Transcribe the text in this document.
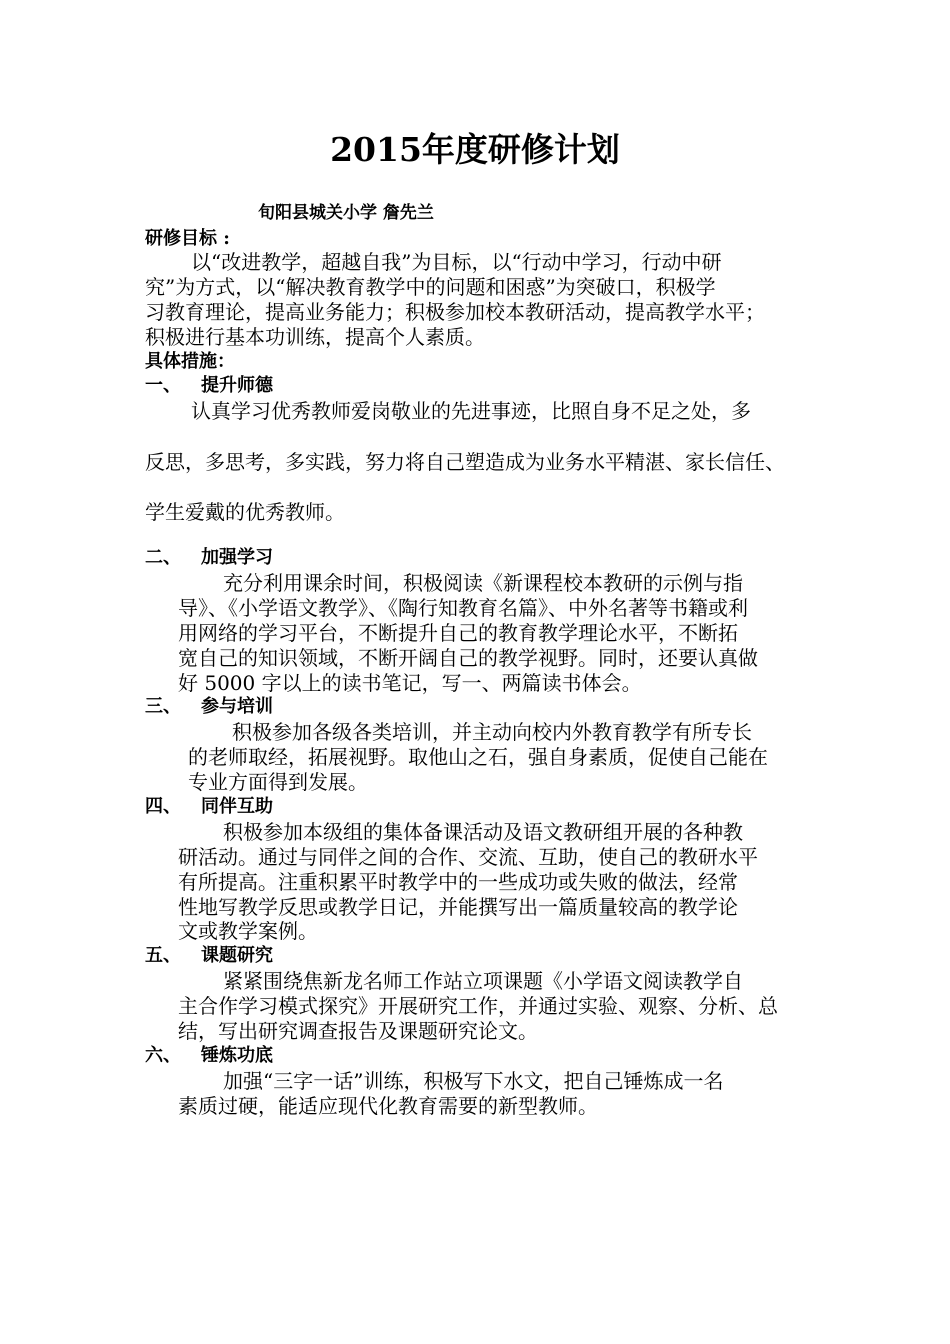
2015年度研修计划
旬阳县城关小学 詹先兰
研修目标 :
以“改进教学，超越自我”为目标，以“行动中学习，行动中研
究”为方式，以“解决教育教学中的问题和困惑”为突破口，积极学
习教育理论，提高业务能力；积极参加校本教研活动，提高教学水平；
积极进行基本功训练，提高个人素质。
具体措施：
一、 提升师德
认真学习优秀教师爱岗敬业的先进事迹，比照自身不足之处，多
反思，多思考，多实践，努力将自己塑造成为业务水平精湛、家长信任、
学生爱戴的优秀教师。
二、 加强学习
充分利用课余时间，积极阅读《新课程校本教研的示例与指
导》、《小学语文教学》、《陶行知教育名篇》、中外名著等书籍或利
用网络的学习平台，不断提升自己的教育教学理论水平，不断拓
宽自己的知识领域，不断开阔自己的教学视野。同时，还要认真做
好 5000 字以上的读书笔记，写一、两篇读书体会。
三、 参与培训
积极参加各级各类培训，并主动向校内外教育教学有所专长
的老师取经，拓展视野。取他山之石，强自身素质，促使自己能在
专业方面得到发展。
四、 同伴互助
积极参加本级组的集体备课活动及语文教研组开展的各种教
研活动。通过与同伴之间的合作、交流、互助，使自己的教研水平
有所提高。注重积累平时教学中的一些成功或失败的做法，经常
性地写教学反思或教学日记，并能撰写出一篇质量较高的教学论
文或教学案例。
五、 课题研究
紧紧围绕焦新龙名师工作站立项课题《小学语文阅读教学自
主合作学习模式探究》开展研究工作，并通过实验、观察、分析、总
结，写出研究调查报告及课题研究论文。
六、 锤炼功底
加强“三字一话”训练，积极写下水文，把自己锤炼成一名
素质过硬，能适应现代化教育需要的新型教师。
